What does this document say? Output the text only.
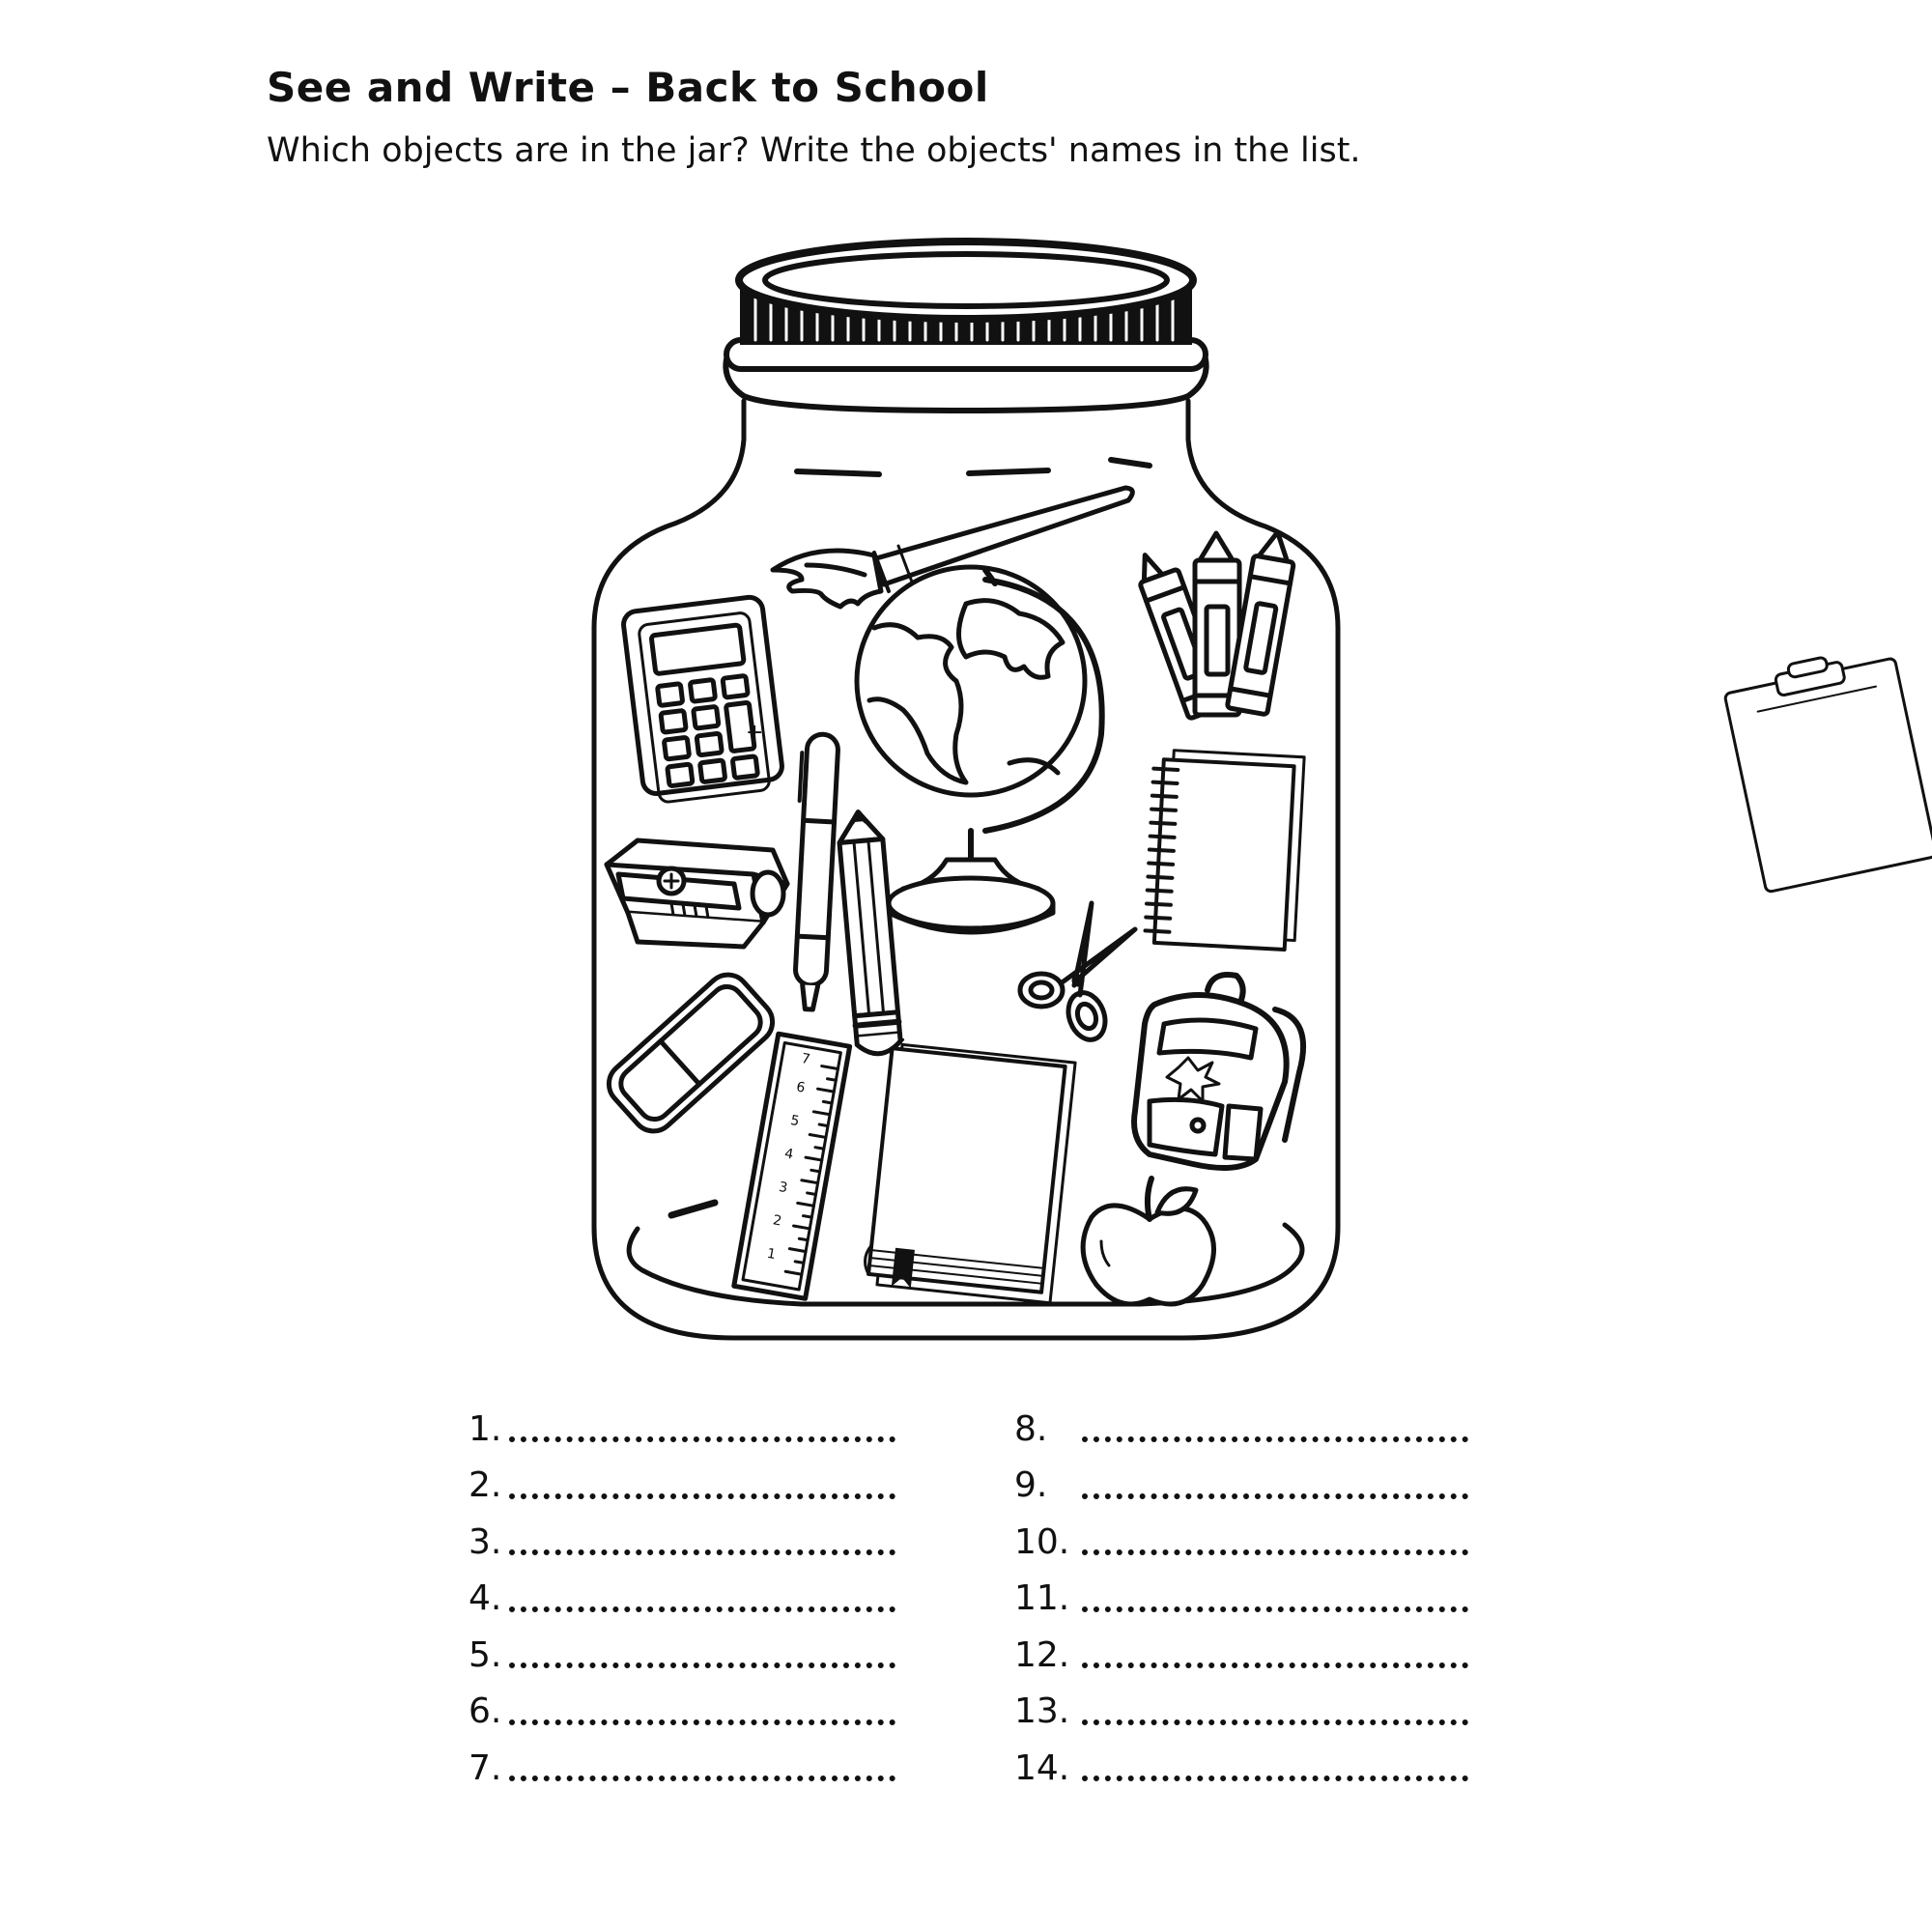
See and Write – Back to School

Which objects are in the jar? Write the objects' names in the list.

+
1
2
3
4
5
6
7
1.
2.
3.
4.
5.
6.
7.
8.
9.
10.
11.
12.
13.
14.
